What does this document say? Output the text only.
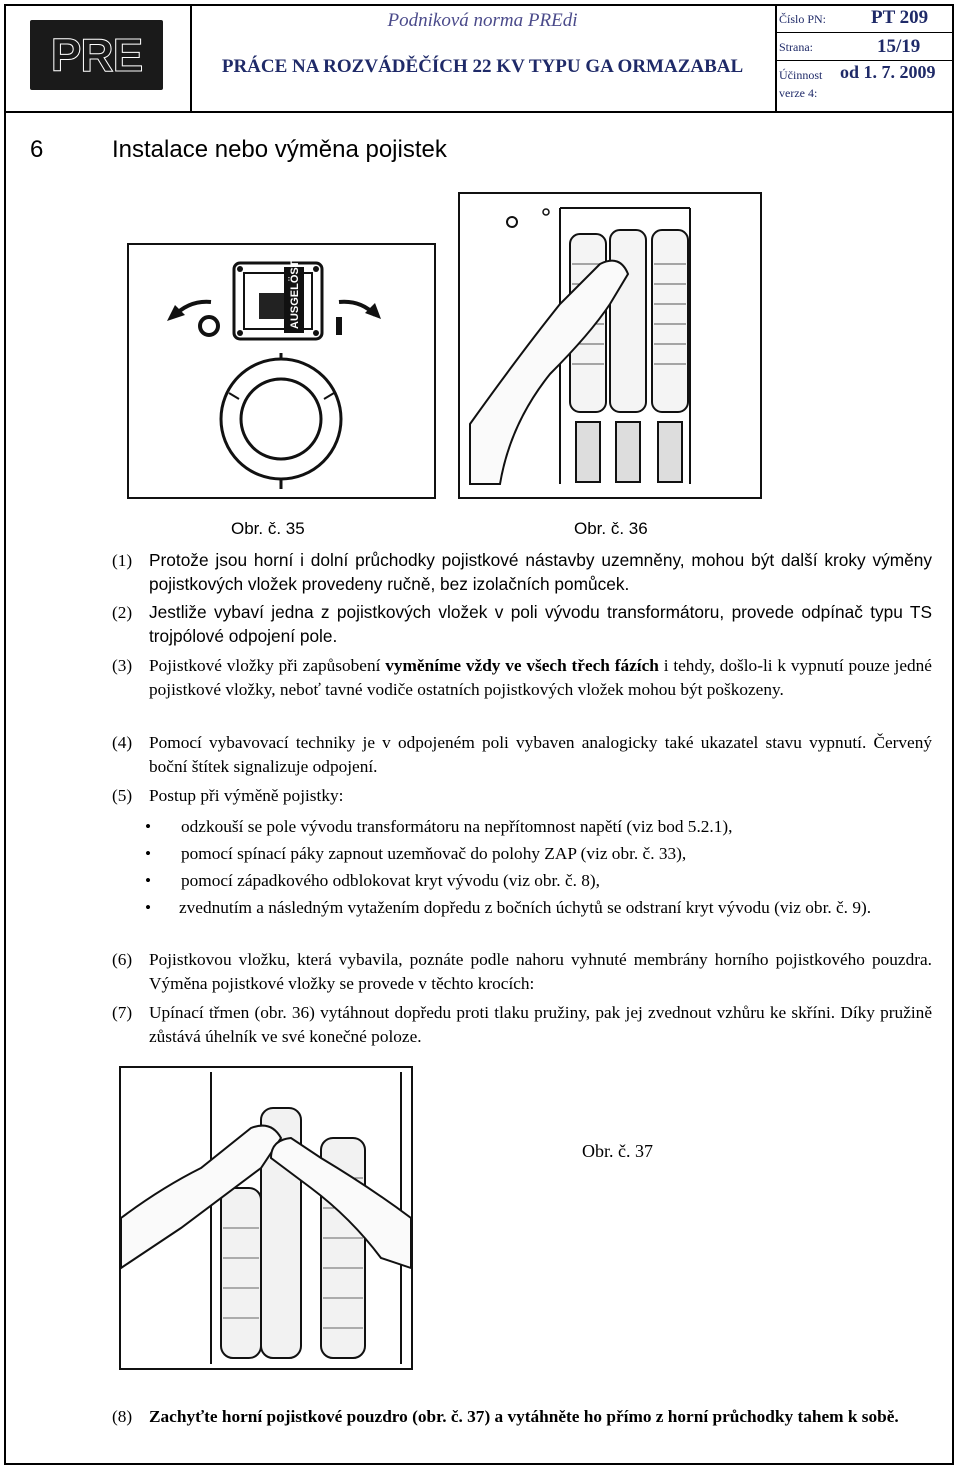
PRE
Podniková norma PREdi
PRÁCE NA ROZVÁDĚČÍCH 22 KV TYPU GA ORMAZABAL
Číslo PN: PT 209
Strana:	15/19
Účinnost od 1. 7. 2009
verze 4:
6	Instalace nebo výměna pojistek
AUSGELÖST
Obr. č. 35	Obr. č. 36
(1) Protože jsou horní i dolní průchodky pojistkové nástavby uzemněny, mohou být další kroky výměny pojistkových vložek provedeny ručně, bez izolačních pomůcek.
(2) Jestliže vybaví jedna z pojistkových vložek v poli vývodu transformátoru, provede odpínač typu TS trojpólové odpojení pole.
(3) Pojistkové vložky při zapůsobení vyměníme vždy ve všech třech fázích i tehdy, došlo-li k vypnutí pouze jedné pojistkové vložky, neboť tavné vodiče ostatních pojistkových vložek mohou být poškozeny.
(4) Pomocí vybavovací techniky je v odpojeném poli vybaven analogicky také ukazatel stavu vypnutí. Červený boční štítek signalizuje odpojení.
(5) Postup při výměně pojistky:
• odzkouší se pole vývodu transformátoru na nepřítomnost napětí (viz bod 5.2.1),
• pomocí spínací páky zapnout uzemňovač do polohy ZAP (viz obr. č. 33),
• pomocí západkového odblokovat kryt vývodu (viz obr. č. 8),
• zvednutím a následným vytažením dopředu z bočních úchytů se odstraní kryt vývodu (viz obr. č. 9).
(6) Pojistkovou vložku, která vybavila, poznáte podle nahoru vyhnuté membrány horního pojistkového pouzdra. Výměna pojistkové vložky se provede v těchto krocích:
(7) Upínací třmen (obr. 36) vytáhnout dopředu proti tlaku pružiny, pak jej zvednout vzhůru ke skříni. Díky pružině zůstává úhelník ve své konečné poloze.
Obr. č. 37
(8) Zachyťte horní pojistkové pouzdro (obr. č. 37) a vytáhněte ho přímo z horní průchodky tahem k sobě.
